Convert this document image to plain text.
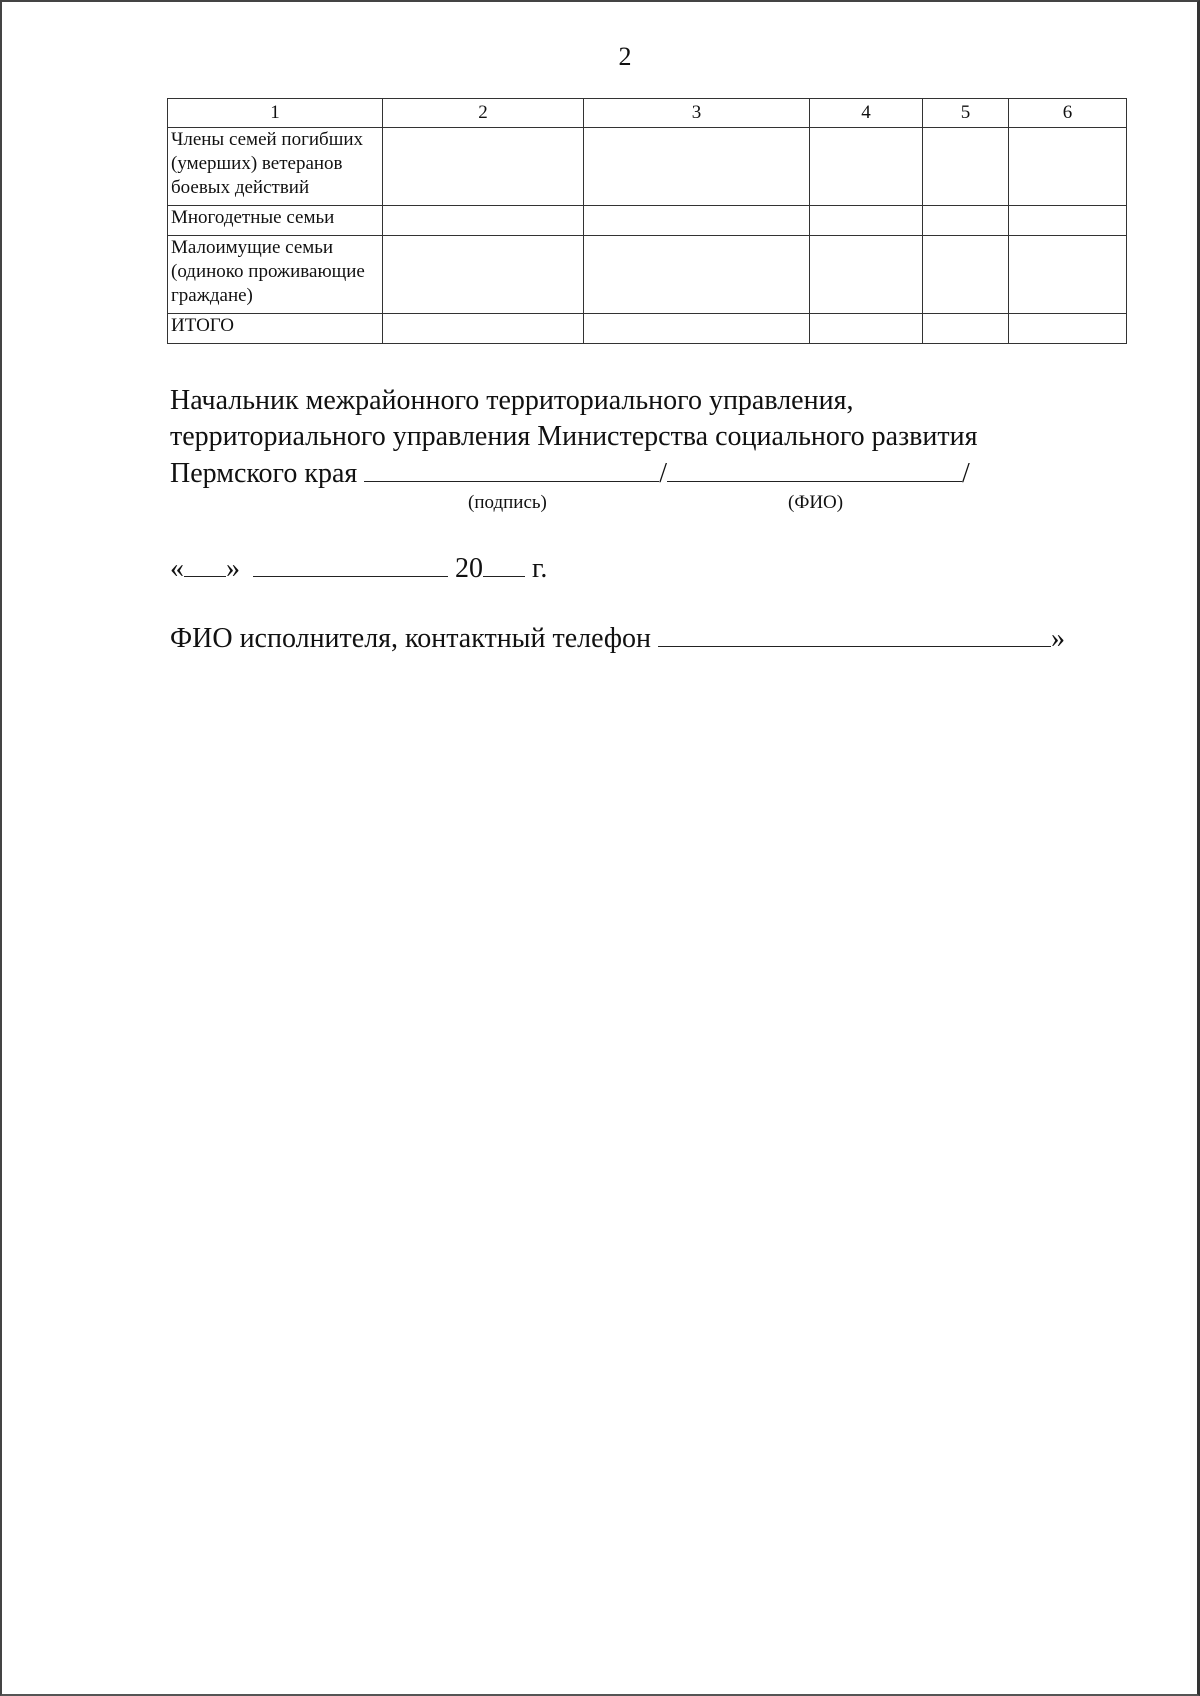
2
1	2	3	4	5	6
Члены семей погибших (умерших) ветеранов боевых действий					
Многодетные семьи					
Малоимущие семьи (одиноко проживающие граждане)					
ИТОГО					
Начальник межрайонного территориального управления,
территориального управления Министерства социального развития
Пермского края	/	/
(подпись)	(ФИО)
« »	20 г.
ФИО исполнителя, контактный телефон	»
